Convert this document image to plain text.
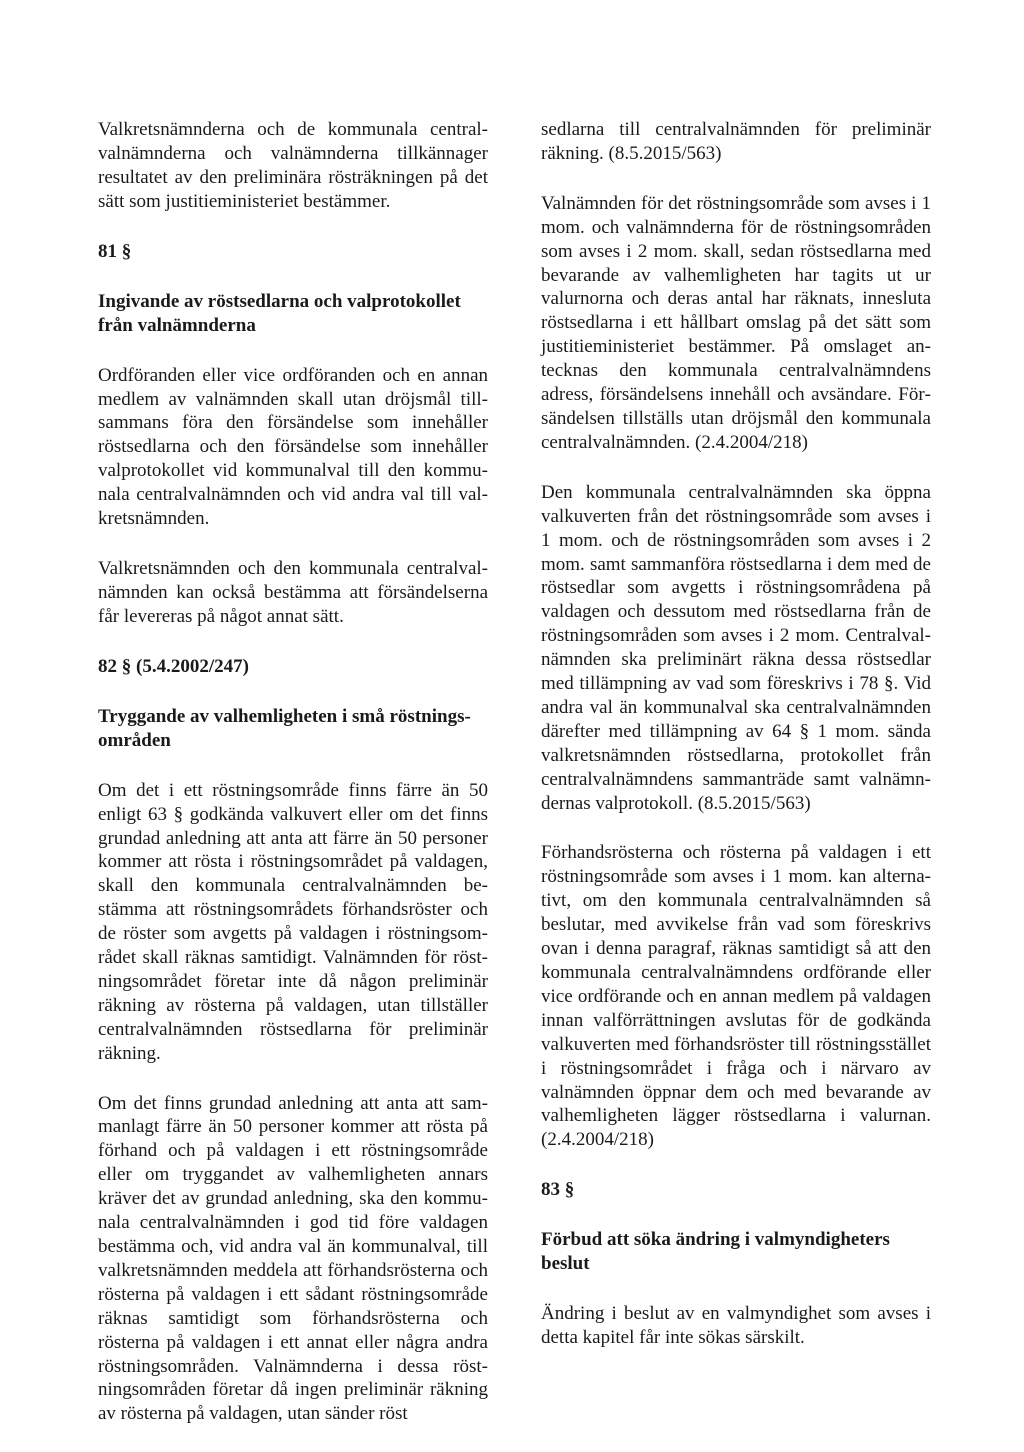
Valkretsnämnderna och de kommunala centralvalnämnderna och valnämnderna tillkännager resultatet av den preliminära rösträkningen på det sätt som justitieministeriet bestämmer.

81 §

Ingivande av röstsedlarna och valprotokollet från valnämnderna

Ordföranden eller vice ordföranden och en annan medlem av valnämnden skall utan dröjsmål tillsammans föra den försändelse som innehåller röstsedlarna och den försändelse som innehåller valprotokollet vid kommunalval till den kommunala centralvalnämnden och vid andra val till valkretsnämnden.

Valkretsnämnden och den kommunala centralvalnämnden kan också bestämma att försändelserna får levereras på något annat sätt.

82 § (5.4.2002/247)

Tryggande av valhemligheten i små röstningsområden

Om det i ett röstningsområde finns färre än 50 enligt 63 § godkända valkuvert eller om det finns grundad anledning att anta att färre än 50 personer kommer att rösta i röstningsområdet på valdagen, skall den kommunala centralvalnämnden bestämma att röstningsområdets förhandsröster och de röster som avgetts på valdagen i röstningsområdet skall räknas samtidigt. Valnämnden för röstningsområdet företar inte då någon preliminär räkning av rösterna på valdagen, utan tillställer centralvalnämnden röstsedlarna för preliminär räkning.

Om det finns grundad anledning att anta att sammanlagt färre än 50 personer kommer att rösta på förhand och på valdagen i ett röstningsområde eller om tryggandet av valhemligheten annars kräver det av grundad anledning, ska den kommunala centralvalnämnden i god tid före valdagen bestämma och, vid andra val än kommunalval, till valkretsnämnden meddela att förhandsrösterna och rösterna på valdagen i ett sådant röstningsområde räknas samtidigt som förhandsrösterna och rösterna på valdagen i ett annat eller några andra röstningsområden. Valnämnderna i dessa röstningsområden företar då ingen preliminär räkning av rösterna på valdagen, utan sänder röst

sedlarna till centralvalnämnden för preliminär räkning. (8.5.2015/563)

Valnämnden för det röstningsområde som avses i 1 mom. och valnämnderna för de röstningsområden som avses i 2 mom. skall, sedan röstsedlarna med bevarande av valhemligheten har tagits ut ur valurnorna och deras antal har räknats, innesluta röstsedlarna i ett hållbart omslag på det sätt som justitieministeriet bestämmer. På omslaget antecknas den kommunala centralvalnämndens adress, försändelsens innehåll och avsändare. Försändelsen tillställs utan dröjsmål den kommunala centralvalnämnden. (2.4.2004/218)

Den kommunala centralvalnämnden ska öppna valkuverten från det röstningsområde som avses i 1 mom. och de röstningsområden som avses i 2 mom. samt sammanföra röstsedlarna i dem med de röstsedlar som avgetts i röstningsområdena på valdagen och dessutom med röstsedlarna från de röstningsområden som avses i 2 mom. Centralvalnämnden ska preliminärt räkna dessa röstsedlar med tillämpning av vad som föreskrivs i 78 §. Vid andra val än kommunalval ska centralvalnämnden därefter med tillämpning av 64 § 1 mom. sända valkretsnämnden röstsedlarna, protokollet från centralvalnämndens sammanträde samt valnämndernas valprotokoll. (8.5.2015/563)

Förhandsrösterna och rösterna på valdagen i ett röstningsområde som avses i 1 mom. kan alternativt, om den kommunala centralvalnämnden så beslutar, med avvikelse från vad som föreskrivs ovan i denna paragraf, räknas samtidigt så att den kommunala centralvalnämndens ordförande eller vice ordförande och en annan medlem på valdagen innan valförrättningen avslutas för de godkända valkuverten med förhandsröster till röstningsstället i röstningsområdet i fråga och i närvaro av valnämnden öppnar dem och med bevarande av valhemligheten lägger röstsedlarna i valurnan. (2.4.2004/218)

83 §

Förbud att söka ändring i valmyndigheters beslut

Ändring i beslut av en valmyndighet som avses i detta kapitel får inte sökas särskilt.
